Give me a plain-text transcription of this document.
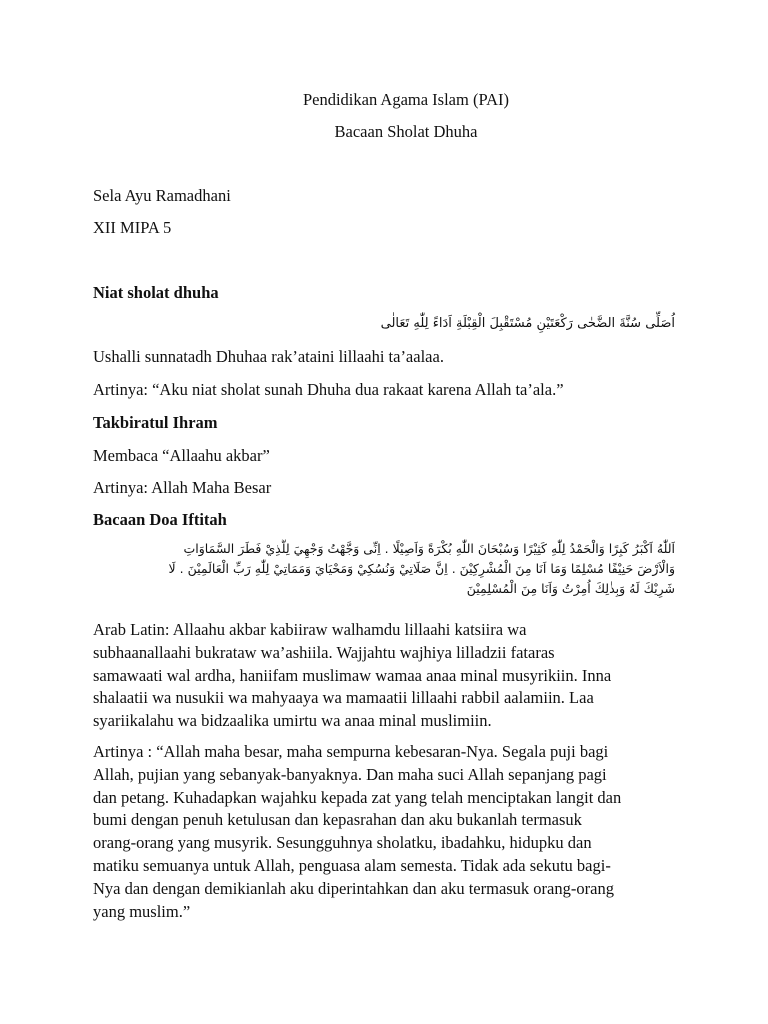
Pendidikan Agama Islam (PAI)
Bacaan Sholat Dhuha
Sela Ayu Ramadhani
XII MIPA 5
Niat sholat dhuha
اُصَلِّى سُنَّةَ الضَّحٰى رَكْعَتَيْنِ مُسْتَقْبِلَ الْقِبْلَةِ اَدَاءً لِلّٰهِ تَعَالٰى
Ushalli sunnatadh Dhuhaa rak’ataini lillaahi ta’aalaa.
Artinya: “Aku niat sholat sunah Dhuha dua rakaat karena Allah ta’ala.”
Takbiratul Ihram
Membaca “Allaahu akbar”
Artinya: Allah Maha Besar
Bacaan Doa Iftitah
اَللّٰهُ اَكْبَرُ كَبِرًا وَالْحَمْدُ لِلّٰهِ كَثِيْرًا وَسُبْحَانَ اللّٰهِ بُكْرَةً وَاَصِيْلًا . اِنِّى وَجَّهْتُ وَجْهِيَ لِلَّذِيْ فَطَرَ السَّمَاوَاتِ
وَالْاَرْضَ حَنِيْفًا مُسْلِمًا وَمَا اَنَا مِنَ الْمُشْرِكِيْنَ . اِنَّ صَلَاتِيْ وَنُسُكِيْ وَمَحْيَايَ وَمَمَاتِيْ لِلّٰهِ رَبِّ الْعَالَمِيْنَ . لَا
شَرِيْكَ لَهُ وَبِذٰلِكَ اُمِرْتُ وَاَنَا مِنَ الْمُسْلِمِيْنَ
Arab Latin: Allaahu akbar kabiiraw walhamdu lillaahi katsiira wa
subhaanallaahi bukrataw wa’ashiila. Wajjahtu wajhiya lilladzii fataras
samawaati wal ardha, haniifam muslimaw wamaa anaa minal musyrikiin. Inna
shalaatii wa nusukii wa mahyaaya wa mamaatii lillaahi rabbil aalamiin. Laa
syariikalahu wa bidzaalika umirtu wa anaa minal muslimiin.
Artinya : “Allah maha besar, maha sempurna kebesaran-Nya. Segala puji bagi
Allah, pujian yang sebanyak-banyaknya. Dan maha suci Allah sepanjang pagi
dan petang. Kuhadapkan wajahku kepada zat yang telah menciptakan langit dan
bumi dengan penuh ketulusan dan kepasrahan dan aku bukanlah termasuk
orang-orang yang musyrik. Sesungguhnya sholatku, ibadahku, hidupku dan
matiku semuanya untuk Allah, penguasa alam semesta. Tidak ada sekutu bagi-
Nya dan dengan demikianlah aku diperintahkan dan aku termasuk orang-orang
yang muslim.”
